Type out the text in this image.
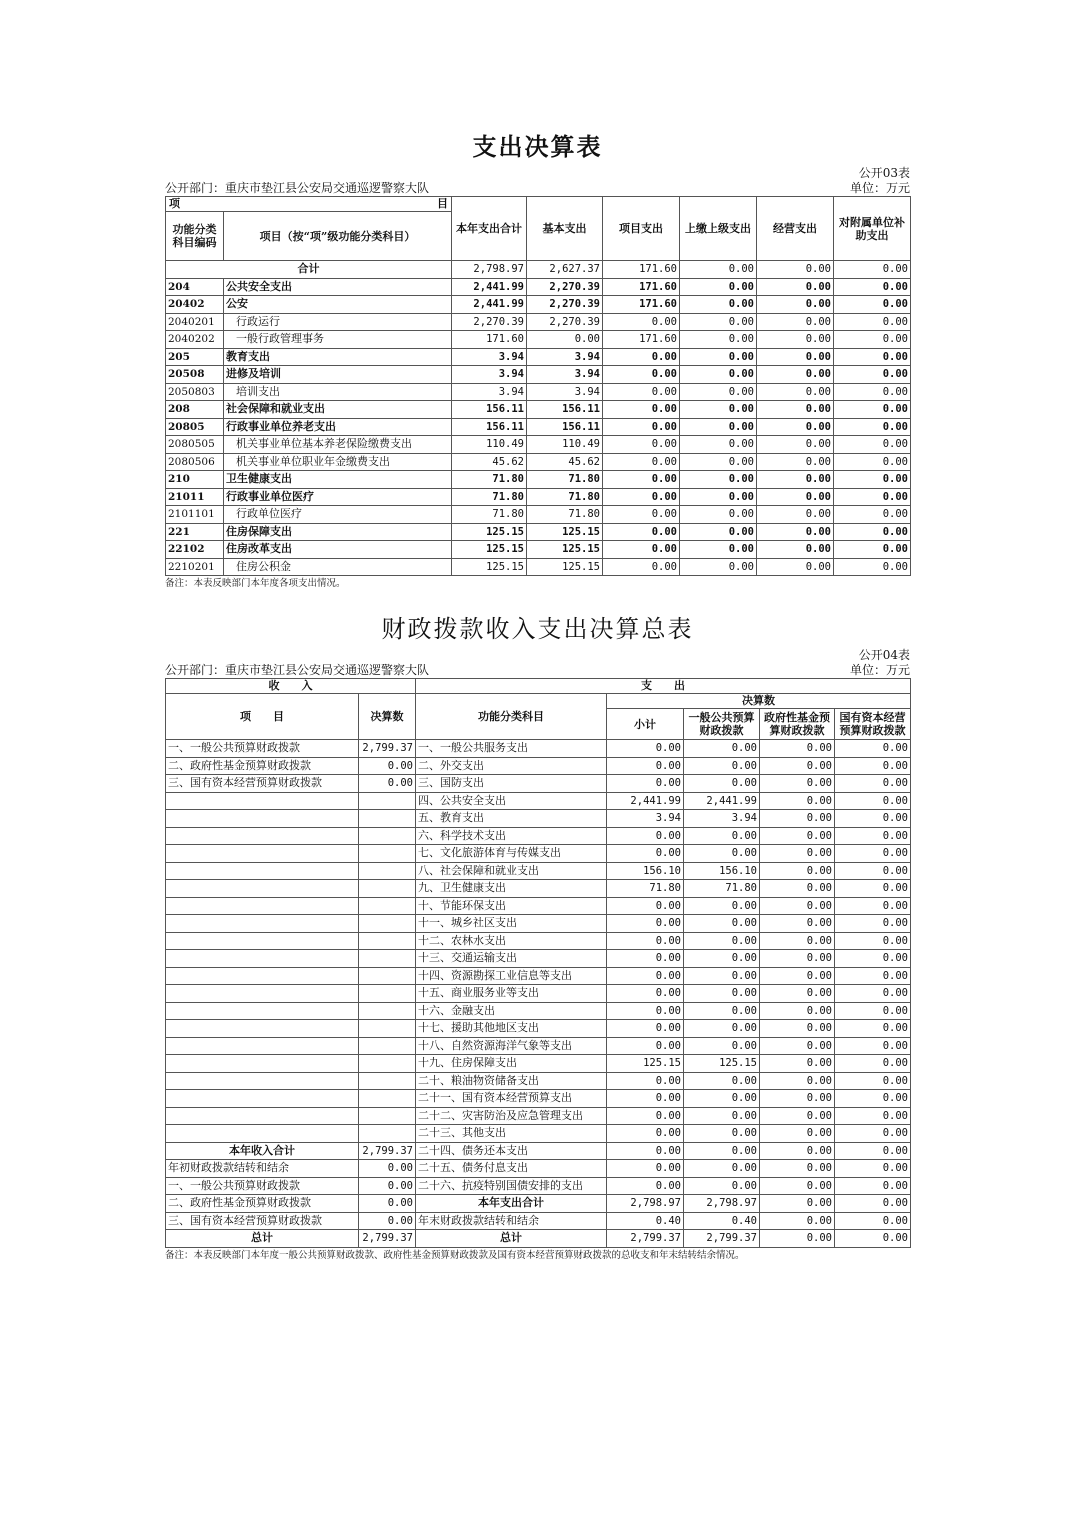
支出决算表
公开03表
公开部门：重庆市垫江县公安局交通巡逻警察大队	单位：万元
项 目		本年支出合计	基本支出	项目支出	上缴上级支出	经营支出	对附属单位补助支出
功能分类科目编码	项目（按“项”级功能分类科目）						
合计		2,798.97	2,627.37	171.60	0.00	0.00	0.00
204	公共安全支出	2,441.99	2,270.39	171.60	0.00	0.00	0.00
20402	公安	2,441.99	2,270.39	171.60	0.00	0.00	0.00
2040201	行政运行	2,270.39	2,270.39	0.00	0.00	0.00	0.00
2040202	一般行政管理事务	171.60	0.00	171.60	0.00	0.00	0.00
205	教育支出	3.94	3.94	0.00	0.00	0.00	0.00
20508	进修及培训	3.94	3.94	0.00	0.00	0.00	0.00
2050803	培训支出	3.94	3.94	0.00	0.00	0.00	0.00
208	社会保障和就业支出	156.11	156.11	0.00	0.00	0.00	0.00
20805	行政事业单位养老支出	156.11	156.11	0.00	0.00	0.00	0.00
2080505	机关事业单位基本养老保险缴费支出	110.49	110.49	0.00	0.00	0.00	0.00
2080506	机关事业单位职业年金缴费支出	45.62	45.62	0.00	0.00	0.00	0.00
210	卫生健康支出	71.80	71.80	0.00	0.00	0.00	0.00
21011	行政事业单位医疗	71.80	71.80	0.00	0.00	0.00	0.00
2101101	行政单位医疗	71.80	71.80	0.00	0.00	0.00	0.00
221	住房保障支出	125.15	125.15	0.00	0.00	0.00	0.00
22102	住房改革支出	125.15	125.15	0.00	0.00	0.00	0.00
2210201	住房公积金	125.15	125.15	0.00	0.00	0.00	0.00
备注：本表反映部门本年度各项支出情况。
财政拨款收入支出决算总表
公开04表
公开部门：重庆市垫江县公安局交通巡逻警察大队	单位：万元
收　　入		支　　出				
项　　目	决算数	功能分类科目	决算数			
			小计	一般公共预算财政拨款	政府性基金预算财政拨款	国有资本经营预算财政拨款
一、一般公共预算财政拨款	2,799.37	一、一般公共服务支出	0.00	0.00	0.00	0.00
二、政府性基金预算财政拨款	0.00	二、外交支出	0.00	0.00	0.00	0.00
三、国有资本经营预算财政拨款	0.00	三、国防支出	0.00	0.00	0.00	0.00
		四、公共安全支出	2,441.99	2,441.99	0.00	0.00
		五、教育支出	3.94	3.94	0.00	0.00
		六、科学技术支出	0.00	0.00	0.00	0.00
		七、文化旅游体育与传媒支出	0.00	0.00	0.00	0.00
		八、社会保障和就业支出	156.10	156.10	0.00	0.00
		九、卫生健康支出	71.80	71.80	0.00	0.00
		十、节能环保支出	0.00	0.00	0.00	0.00
		十一、城乡社区支出	0.00	0.00	0.00	0.00
		十二、农林水支出	0.00	0.00	0.00	0.00
		十三、交通运输支出	0.00	0.00	0.00	0.00
		十四、资源勘探工业信息等支出	0.00	0.00	0.00	0.00
		十五、商业服务业等支出	0.00	0.00	0.00	0.00
		十六、金融支出	0.00	0.00	0.00	0.00
		十七、援助其他地区支出	0.00	0.00	0.00	0.00
		十八、自然资源海洋气象等支出	0.00	0.00	0.00	0.00
		十九、住房保障支出	125.15	125.15	0.00	0.00
		二十、粮油物资储备支出	0.00	0.00	0.00	0.00
		二十一、国有资本经营预算支出	0.00	0.00	0.00	0.00
		二十二、灾害防治及应急管理支出	0.00	0.00	0.00	0.00
		二十三、其他支出	0.00	0.00	0.00	0.00
本年收入合计	2,799.37	二十四、债务还本支出	0.00	0.00	0.00	0.00
年初财政拨款结转和结余	0.00	二十五、债务付息支出	0.00	0.00	0.00	0.00
一、一般公共预算财政拨款	0.00	二十六、抗疫特别国债安排的支出	0.00	0.00	0.00	0.00
二、政府性基金预算财政拨款	0.00	本年支出合计	2,798.97	2,798.97	0.00	0.00
三、国有资本经营预算财政拨款	0.00	年末财政拨款结转和结余	0.40	0.40	0.00	0.00
总计	2,799.37	总计	2,799.37	2,799.37	0.00	0.00
备注：本表反映部门本年度一般公共预算财政拨款、政府性基金预算财政拨款及国有资本经营预算财政拨款的总收支和年末结转结余情况。
